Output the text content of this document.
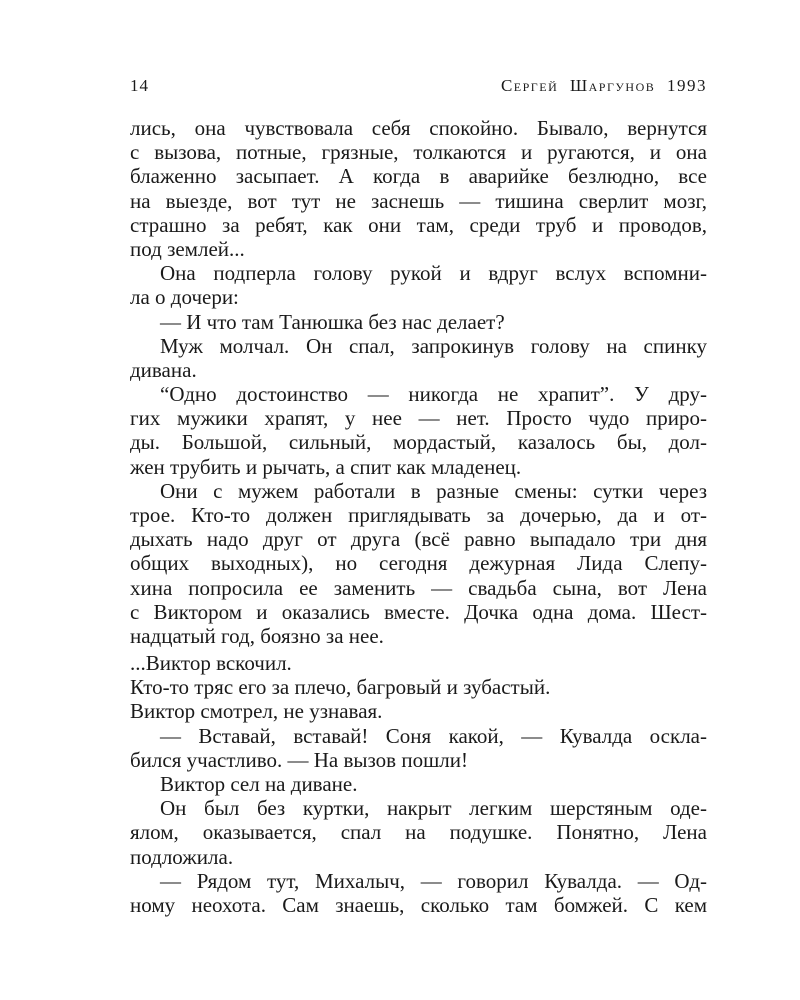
14	Сергей Шаргунов 1993
лись, она чувствовала себя спокойно. Бывало, вернутся
с вызова, потные, грязные, толкаются и ругаются, и она
блаженно засыпает. А когда в аварийке безлюдно, все
на выезде, вот тут не заснешь — тишина сверлит мозг,
страшно за ребят, как они там, среди труб и проводов,
под землей...
Она подперла голову рукой и вдруг вслух вспомни-
ла о дочери:
— И что там Танюшка без нас делает?
Муж молчал. Он спал, запрокинув голову на спинку
дивана.
“Одно достоинство — никогда не храпит”. У дру-
гих мужики храпят, у нее — нет. Просто чудо приро-
ды. Большой, сильный, мордастый, казалось бы, дол-
жен трубить и рычать, а спит как младенец.
Они с мужем работали в разные смены: сутки через
трое. Кто-то должен приглядывать за дочерью, да и от-
дыхать надо друг от друга (всё равно выпадало три дня
общих выходных), но сегодня дежурная Лида Слепу-
хина попросила ее заменить — свадьба сына, вот Лена
с Виктором и оказались вместе. Дочка одна дома. Шест-
надцатый год, боязно за нее.
...Виктор вскочил.
Кто-то тряс его за плечо, багровый и зубастый.
Виктор смотрел, не узнавая.
— Вставай, вставай! Соня какой, — Кувалда оскла-
бился участливо. — На вызов пошли!
Виктор сел на диване.
Он был без куртки, накрыт легким шерстяным оде-
ялом, оказывается, спал на подушке. Понятно, Лена
подложила.
— Рядом тут, Михалыч, — говорил Кувалда. — Од-
ному неохота. Сам знаешь, сколько там бомжей. С кем
